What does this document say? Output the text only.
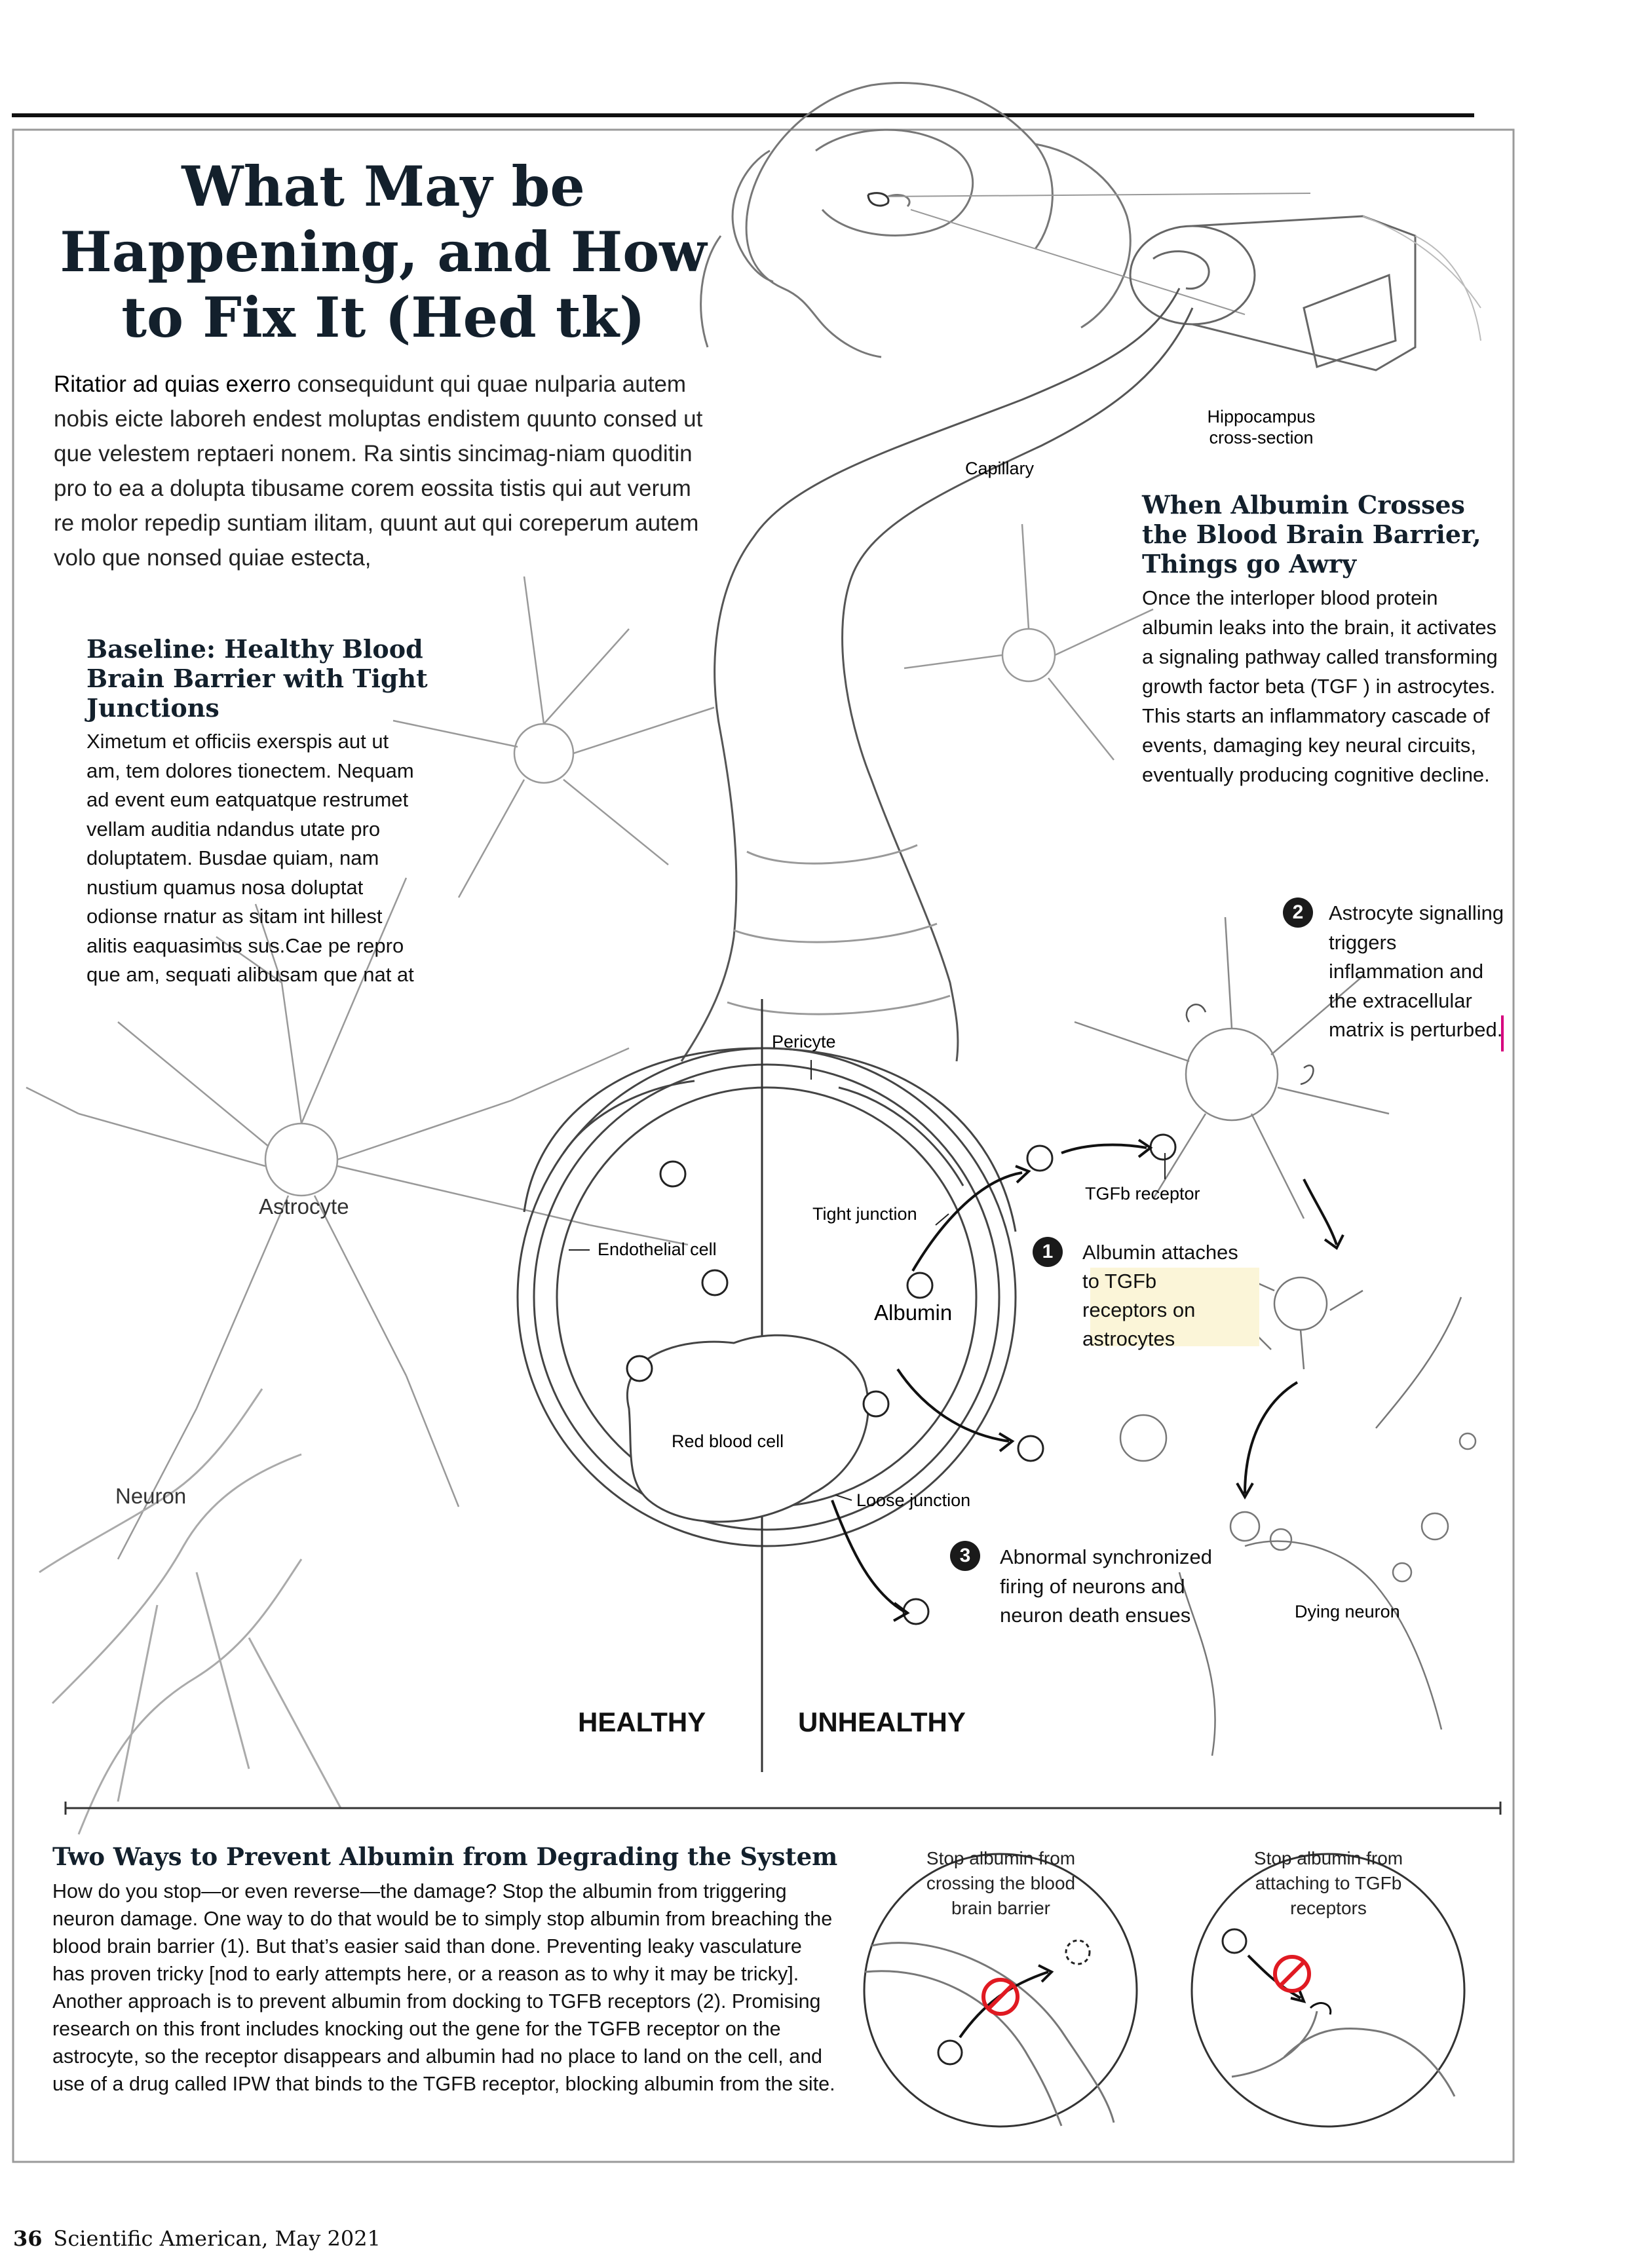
What May be Happening, and How to Fix It (Hed tk)
Ritatior ad quias exerro consequidunt qui quae nulparia autem nobis eicte laboreh endest moluptas endistem quunto consed ut que velestem reptaeri nonem. Ra sintis sincimag-niam quoditin pro to ea a dolupta tibusame corem eossita tistis qui aut verum re molor repedip suntiam ilitam, quunt aut qui coreperum autem volo que nonsed quiae estecta,
Baseline: Healthy Blood Brain Barrier with Tight Junctions
Ximetum et officiis exerspis aut ut am, tem dolores tionectem. Nequam ad event eum eatquatque restrumet vellam auditia ndandus utate pro doluptatem. Busdae quiam, nam nustium quamus nosa doluptat odionse rnatur as sitam int hillest alitis eaquasimus sus.Cae pe repro que am, sequati alibusam que nat at
When Albumin Crosses the Blood Brain Barrier, Things go Awry
Once the interloper blood protein albumin leaks into the brain, it activates a signaling pathway called transforming growth factor beta (TGF ) in astrocytes. This starts an inflammatory cascade of events, damaging key neural circuits, eventually producing cognitive decline.
Hippocampus cross-section
Capillary
Pericyte
Tight junction
Endothelial cell
Albumin
Red blood cell
Loose junction
Astrocyte
Neuron
TGFb receptor
Dying neuron
HEALTHY	UNHEALTHY
1	Albumin attaches to TGFb receptors on astrocytes
2	Astrocyte signalling triggers inflammation and the extracellular matrix is perturbed.
3	Abnormal synchronized firing of neurons and neuron death ensues
Two Ways to Prevent Albumin from Degrading the System
How do you stop—or even reverse—the damage? Stop the albumin from triggering neuron damage. One way to do that would be to simply stop albumin from breaching the blood brain barrier (1). But that’s easier said than done. Preventing leaky vasculature has proven tricky [nod to early attempts here, or a reason as to why it may be tricky]. Another approach is to prevent albumin from docking to TGFB receptors (2). Promising research on this front includes knocking out the gene for the TGFB receptor on the astrocyte, so the receptor disappears and albumin had no place to land on the cell, and use of a drug called IPW that binds to the TGFB receptor, blocking albumin from the site.
Stop albumin from crossing the blood brain barrier
Stop albumin from attaching to TGFb receptors
36 Scientific American, May 2021
